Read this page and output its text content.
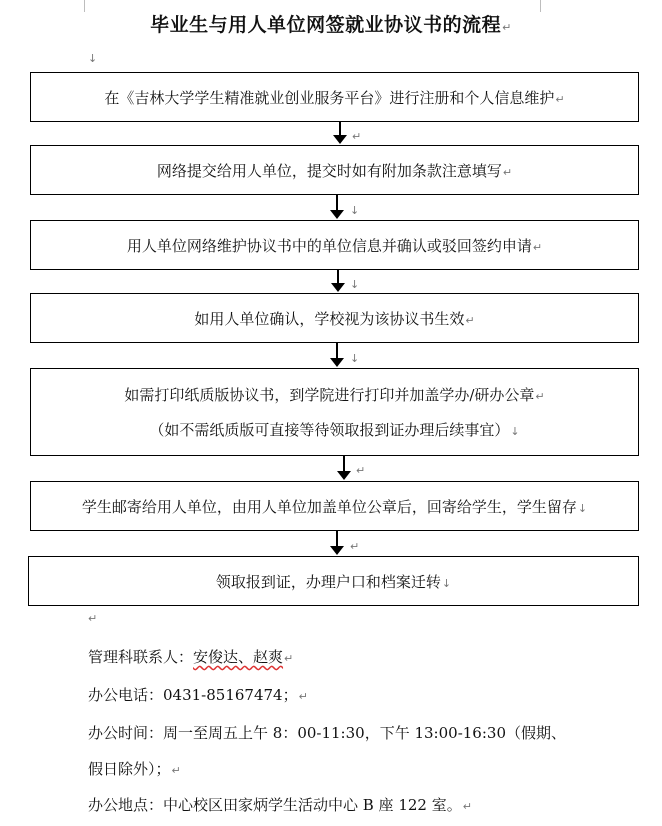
毕业生与用人单位网签就业协议书的流程↵
↓
在《吉林大学学生精准就业创业服务平台》进行注册和个人信息维护↵
↵
网络提交给用人单位，提交时如有附加条款注意填写↵
↓
用人单位网络维护协议书中的单位信息并确认或驳回签约申请↵
↓
如用人单位确认，学校视为该协议书生效↵
↓
如需打印纸质版协议书，到学院进行打印并加盖学办/研办公章↵
（如不需纸质版可直接等待领取报到证办理后续事宜）↓
↵
学生邮寄给用人单位，由用人单位加盖单位公章后，回寄给学生，学生留存↓
↵
领取报到证，办理户口和档案迁转↓
↵
管理科联系人：安俊达、赵爽↵
办公电话：0431-85167474；↵
办公时间：周一至周五上午 8：00-11:30，下午 13:00-16:30（假期、
假日除外）；↵
办公地点：中心校区田家炳学生活动中心 B 座 122 室。↵
